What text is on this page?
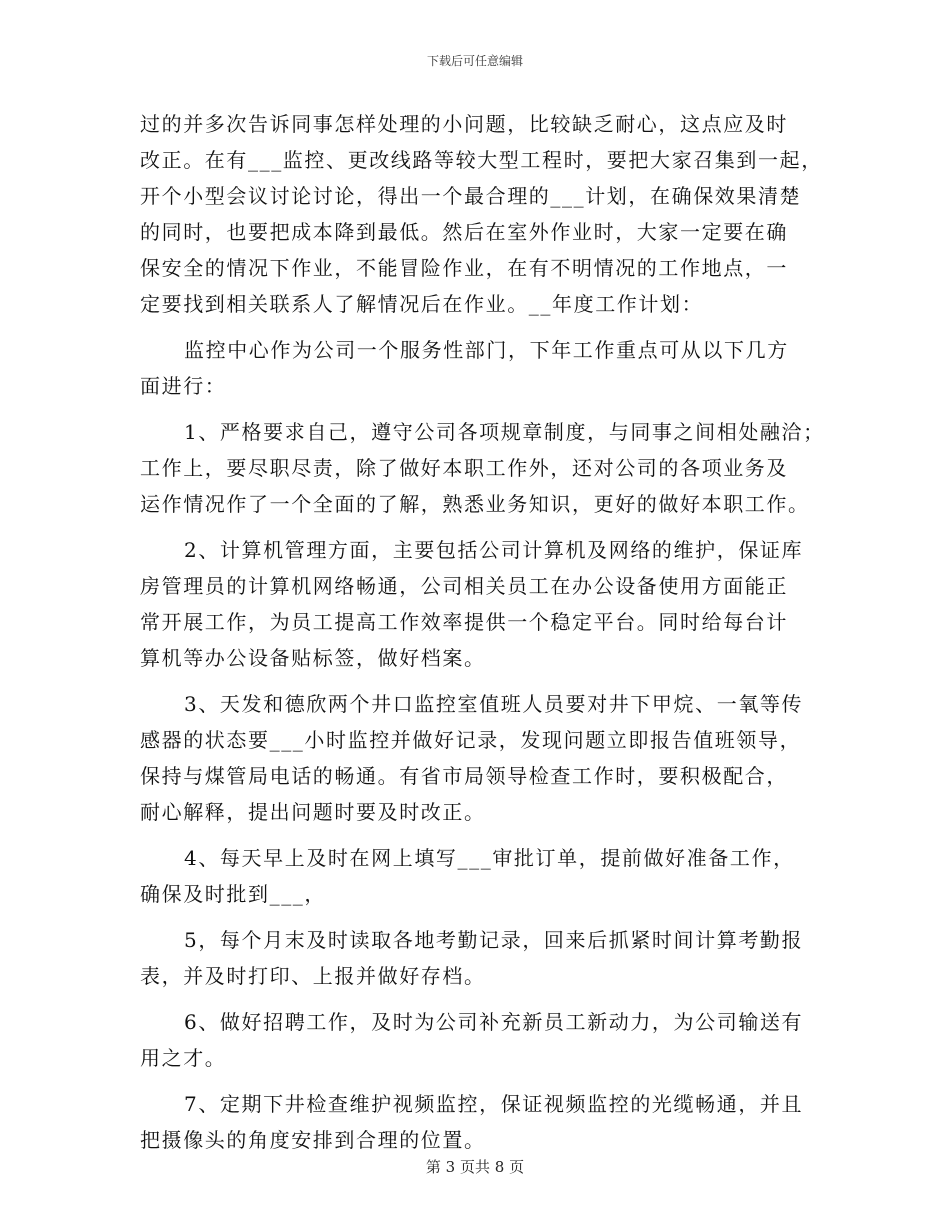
下载后可任意编辑

过的并多次告诉同事怎样处理的小问题，比较缺乏耐心，这点应及时

改正。在有___监控、更改线路等较大型工程时，要把大家召集到一起，

开个小型会议讨论讨论，得出一个最合理的___计划，在确保效果清楚

的同时，也要把成本降到最低。然后在室外作业时，大家一定要在确

保安全的情况下作业，不能冒险作业，在有不明情况的工作地点，一

定要找到相关联系人了解情况后在作业。__年度工作计划：

监控中心作为公司一个服务性部门，下年工作重点可从以下几方

面进行：

1、严格要求自己，遵守公司各项规章制度，与同事之间相处融洽；

工作上，要尽职尽责，除了做好本职工作外，还对公司的各项业务及

运作情况作了一个全面的了解，熟悉业务知识，更好的做好本职工作。

2、计算机管理方面，主要包括公司计算机及网络的维护，保证库

房管理员的计算机网络畅通，公司相关员工在办公设备使用方面能正

常开展工作，为员工提高工作效率提供一个稳定平台。同时给每台计

算机等办公设备贴标签，做好档案。

3、天发和德欣两个井口监控室值班人员要对井下甲烷、一氧等传

感器的状态要___小时监控并做好记录，发现问题立即报告值班领导，

保持与煤管局电话的畅通。有省市局领导检查工作时，要积极配合，

耐心解释，提出问题时要及时改正。

4、每天早上及时在网上填写___审批订单，提前做好准备工作，

确保及时批到___，

5，每个月末及时读取各地考勤记录，回来后抓紧时间计算考勤报

表，并及时打印、上报并做好存档。

6、做好招聘工作，及时为公司补充新员工新动力，为公司输送有

用之才。

7、定期下井检查维护视频监控，保证视频监控的光缆畅通，并且

把摄像头的角度安排到合理的位置。

第 3 页共 8 页
